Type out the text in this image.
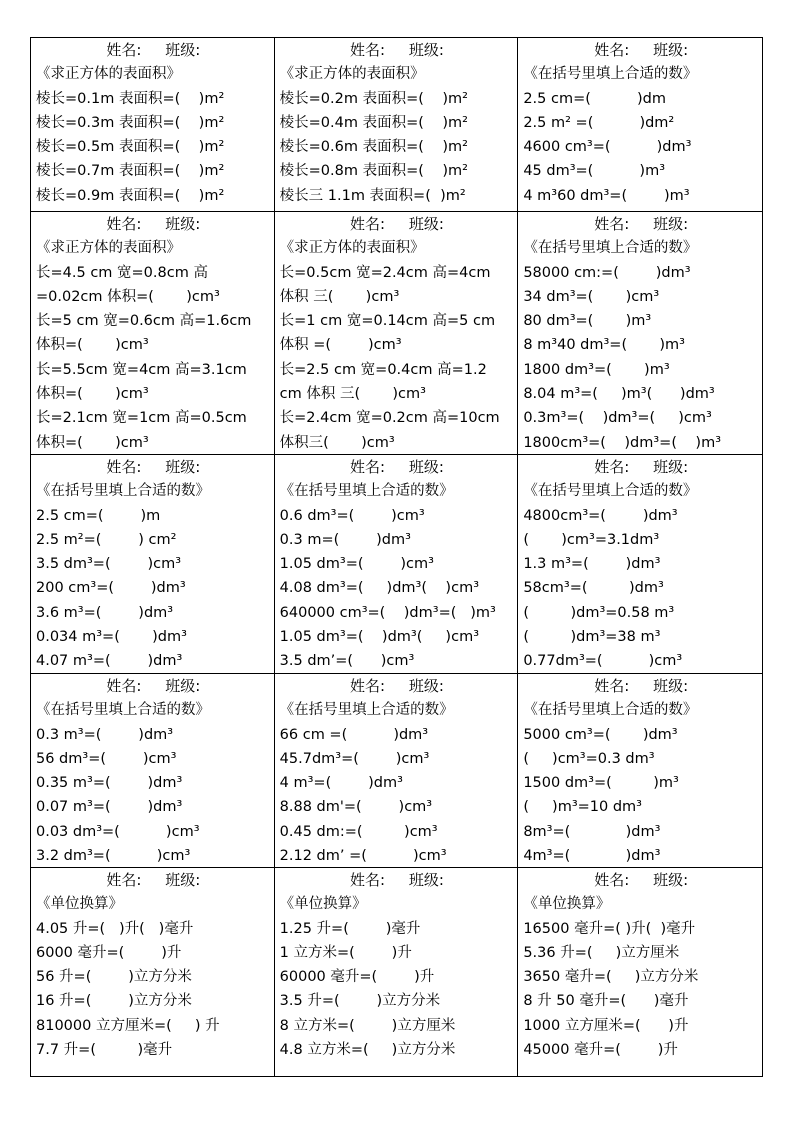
姓名:     班级:
《求正方体的表面积》
棱长=0.1m 表面积=(    )m²
棱长=0.3m 表面积=(    )m²
棱长=0.5m 表面积=(    )m²
棱长=0.7m 表面积=(    )m²
棱长=0.9m 表面积=(    )m²
姓名:     班级:
《求正方体的表面积》
棱长=0.2m 表面积=(    )m²
棱长=0.4m 表面积=(    )m²
棱长=0.6m 表面积=(    )m²
棱长=0.8m 表面积=(    )m²
棱长三 1.1m 表面积=(  )m²
姓名:     班级:
《在括号里填上合适的数》
2.5 cm=(          )dm
2.5 m² =(          )dm²
4600 cm³=(          )dm³
45 dm³=(          )m³
4 m³60 dm³=(        )m³
姓名:     班级:
《求正方体的表面积》
长=4.5 cm 宽=0.8cm 高
=0.02cm 体积=(       )cm³
长=5 cm 宽=0.6cm 高=1.6cm
体积=(       )cm³
长=5.5cm 宽=4cm 高=3.1cm
体积=(       )cm³
长=2.1cm 宽=1cm 高=0.5cm
体积=(       )cm³
姓名:     班级:
《求正方体的表面积》
长=0.5cm 宽=2.4cm 高=4cm
体积 三(       )cm³
长=1 cm 宽=0.14cm 高=5 cm
体积 =(        )cm³
长=2.5 cm 宽=0.4cm 高=1.2
cm 体积 三(       )cm³
长=2.4cm 宽=0.2cm 高=10cm
体积三(       )cm³
姓名:     班级:
《在括号里填上合适的数》
58000 cm:=(        )dm³
34 dm³=(       )cm³
80 dm³=(       )m³
8 m³40 dm³=(       )m³
1800 dm³=(       )m³
8.04 m³=(     )m³(      )dm³
0.3m³=(    )dm³=(     )cm³
1800cm³=(    )dm³=(    )m³
姓名:     班级:
《在括号里填上合适的数》
2.5 cm=(        )m
2.5 m²=(        ) cm²
3.5 dm³=(        )cm³
200 cm³=(        )dm³
3.6 m³=(        )dm³
0.034 m³=(       )dm³
4.07 m³=(        )dm³
姓名:     班级:
《在括号里填上合适的数》
0.6 dm³=(        )cm³
0.3 m=(        )dm³
1.05 dm³=(        )cm³
4.08 dm³=(     )dm³(    )cm³
640000 cm³=(    )dm³=(   )m³
1.05 dm³=(    )dm³(     )cm³
3.5 dm’=(      )cm³
姓名:     班级:
《在括号里填上合适的数》
4800cm³=(        )dm³
(       )cm³=3.1dm³
1.3 m³=(        )dm³
58cm³=(         )dm³
(         )dm³=0.58 m³
(         )dm³=38 m³
0.77dm³=(          )cm³
姓名:     班级:
《在括号里填上合适的数》
0.3 m³=(        )dm³
56 dm³=(        )cm³
0.35 m³=(        )dm³
0.07 m³=(        )dm³
0.03 dm³=(          )cm³
3.2 dm³=(          )cm³
姓名:     班级:
《在括号里填上合适的数》
66 cm =(          )dm³
45.7dm³=(        )cm³
4 m³=(        )dm³
8.88 dm'=(        )cm³
0.45 dm:=(         )cm³
2.12 dm’ =(          )cm³
姓名:     班级:
《在括号里填上合适的数》
5000 cm³=(       )dm³
(     )cm³=0.3 dm³
1500 dm³=(         )m³
(     )m³=10 dm³
8m³=(            )dm³
4m³=(            )dm³
姓名:     班级:
《单位换算》
4.05 升=(   )升(   )毫升
6000 毫升=(        )升
56 升=(        )立方分米
16 升=(        )立方分米
810000 立方厘米=(     ) 升
7.7 升=(         )毫升
姓名:     班级:
《单位换算》
1.25 升=(        )毫升
1 立方米=(        )升
60000 毫升=(        )升
3.5 升=(        )立方分米
8 立方米=(        )立方厘米
4.8 立方米=(     )立方分米
姓名:     班级:
《单位换算》
16500 毫升=( )升(  )毫升
5.36 升=(     )立方厘米
3650 毫升=(     )立方分米
8 升 50 毫升=(      )毫升
1000 立方厘米=(      )升
45000 毫升=(        )升
